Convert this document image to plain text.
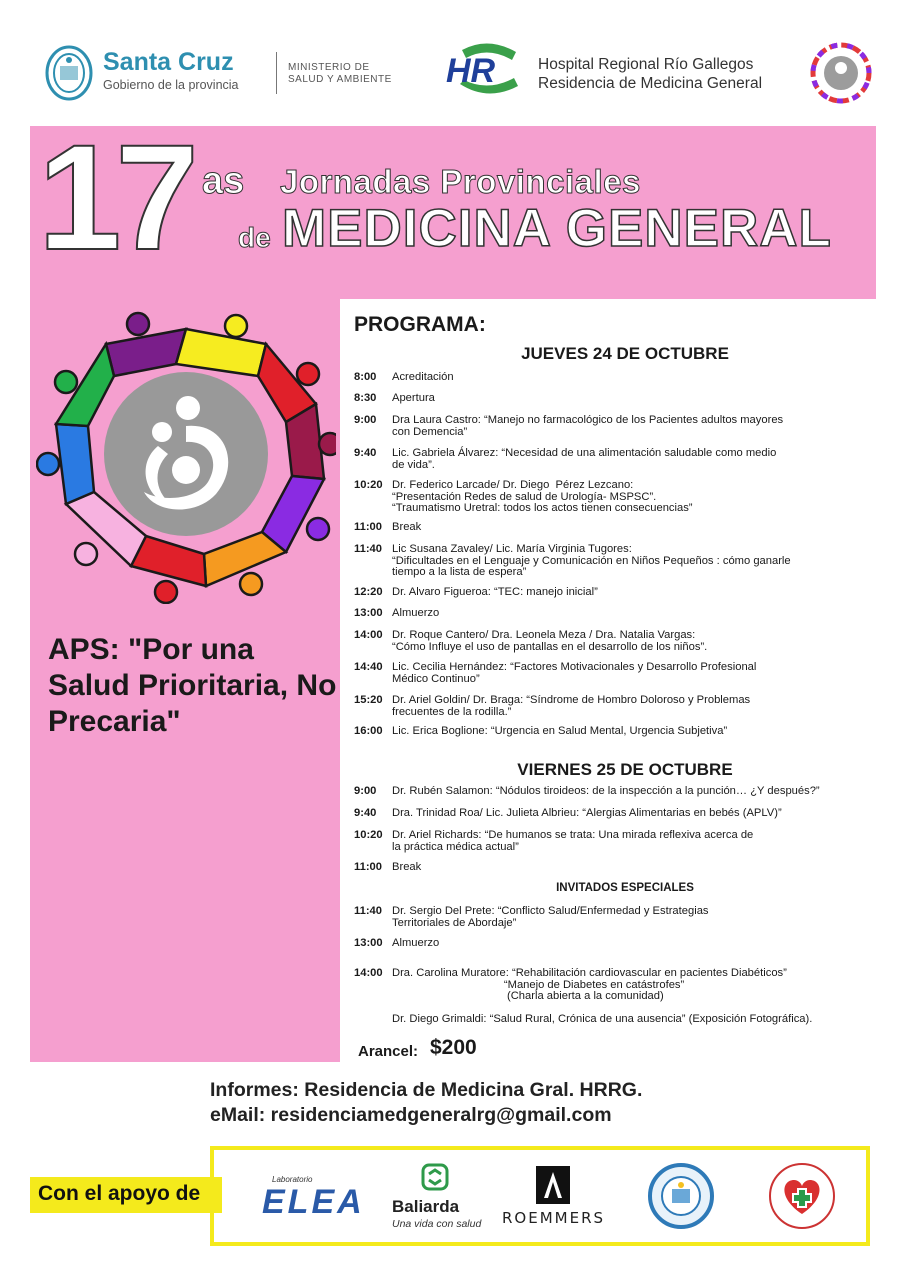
Santa Cruz
Gobierno de la provincia
MINISTERIO DE
SALUD Y AMBIENTE HR	Hospital Regional Río Gallegos
Residencia de Medicina General
17 as Jornadas Provinciales
de MEDICINA GENERAL
APS: "Por una Salud Prioritaria, No Precaria"
PROGRAMA:
JUEVES 24 DE OCTUBRE
VIERNES 25 DE OCTUBRE
INVITADOS ESPECIALES
8:00 Acreditación
8:30 Apertura
9:00 Dra Laura Castro: “Manejo no farmacológico de los Pacientes adultos mayores
con Demencia”
9:40 Lic. Gabriela Álvarez: “Necesidad de una alimentación saludable como medio
de vida”.
10:20 Dr. Federico Larcade/ Dr. Diego  Pérez Lezcano:
“Presentación Redes de salud de Urología- MSPSC”.
“Traumatismo Uretral: todos los actos tienen consecuencias”
11:00 Break
11:40 Lic Susana Zavaley/ Lic. María Virginia Tugores:
“Dificultades en el Lenguaje y Comunicación en Niños Pequeños : cómo ganarle
tiempo a la lista de espera”
12:20 Dr. Alvaro Figueroa: “TEC: manejo inicial”
13:00 Almuerzo
14:00 Dr. Roque Cantero/ Dra. Leonela Meza / Dra. Natalia Vargas:
“Cómo Influye el uso de pantallas en el desarrollo de los niños”.
14:40 Lic. Cecilia Hernández: “Factores Motivacionales y Desarrollo Profesional
Médico Continuo”
15:20 Dr. Ariel Goldin/ Dr. Braga: “Síndrome de Hombro Doloroso y Problemas
frecuentes de la rodilla.”
16:00 Lic. Erica Boglione: “Urgencia en Salud Mental, Urgencia Subjetiva”
9:00 Dr. Rubén Salamon: “Nódulos tiroideos: de la inspección a la punción… ¿Y después?”
9:40 Dra. Trinidad Roa/ Lic. Julieta Albrieu: “Alergias Alimentarias en bebés (APLV)”
10:20 Dr. Ariel Richards: “De humanos se trata: Una mirada reflexiva acerca de
la práctica médica actual”
11:00 Break
11:40 Dr. Sergio Del Prete: “Conflicto Salud/Enfermedad y Estrategias
Territoriales de Abordaje”
13:00 Almuerzo
14:00 Dra. Carolina Muratore: “Rehabilitación cardiovascular en pacientes Diabéticos”
“Manejo de Diabetes en catástrofes”
(Charla abierta a la comunidad)
Dr. Diego Grimaldi: “Salud Rural, Crónica de una ausencia” (Exposición Fotográfica).
Arancel: $200
Informes: Residencia de Medicina Gral. HRRG.
eMail: residenciamedgeneralrg@gmail.com
Con el apoyo de
Laboratorio
ELEA Baliarda
Una vida con salud ROEMMERS
